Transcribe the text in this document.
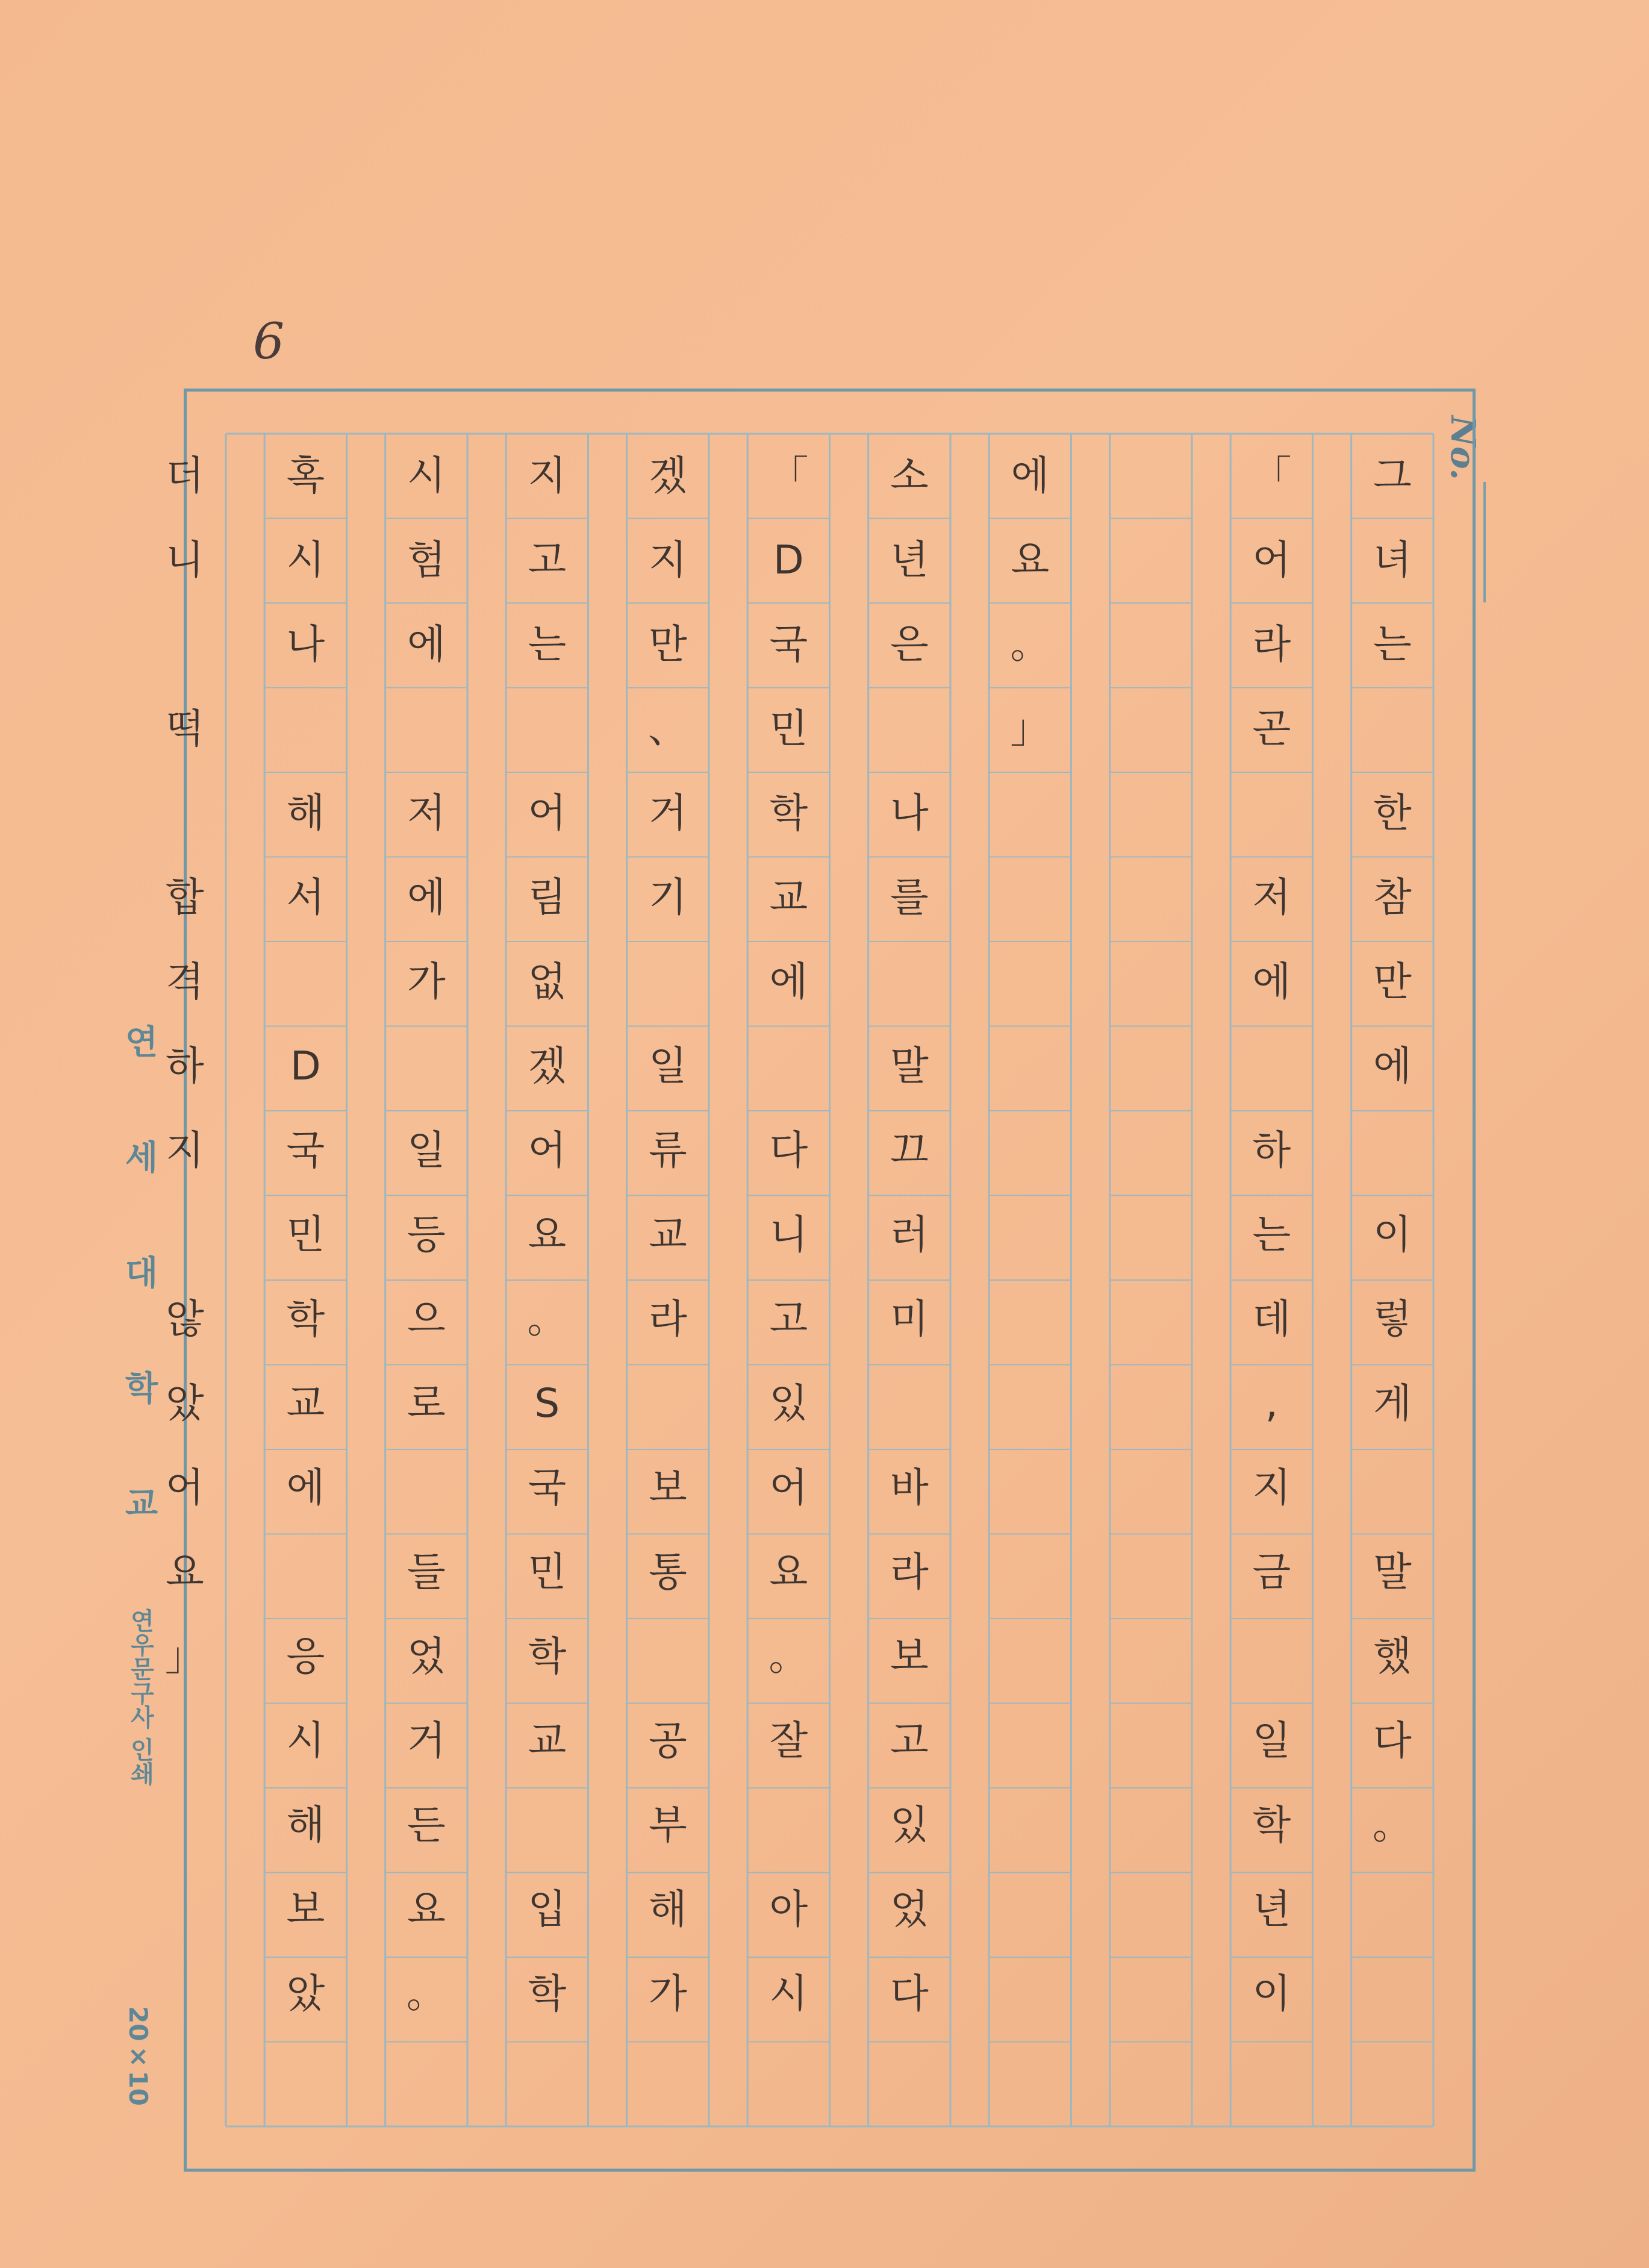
6
No.
그
녀
는
한
참
만
에
이
렇
게
말
했
다
。
「
어
라
곤
저
에
하
는
데
,
지
금
일
학
년
이
에
요
。
」
소
년
은
나
를
말
끄
러
미
바
라
보
고
있
었
다
「
D
국
민
학
교
에
다
니
고
있
어
요
。
잘
아
시
겠
지
만
、
거
기
일
류
교
라
보
통
공
부
해
가
지
고
는
어
림
없
겠
어
요
。
S
국
민
학
교
입
학
시
험
에
저
에
가
일
등
으
로
들
었
거
든
요
。
혹
시
나
해
서
D
국
민
학
교
에
응
시
해
보
았
더
니
떡
합
격
하
지
않
았
어
요
」
연 세 대 학 교
연우문구사 인쇄
20×10
